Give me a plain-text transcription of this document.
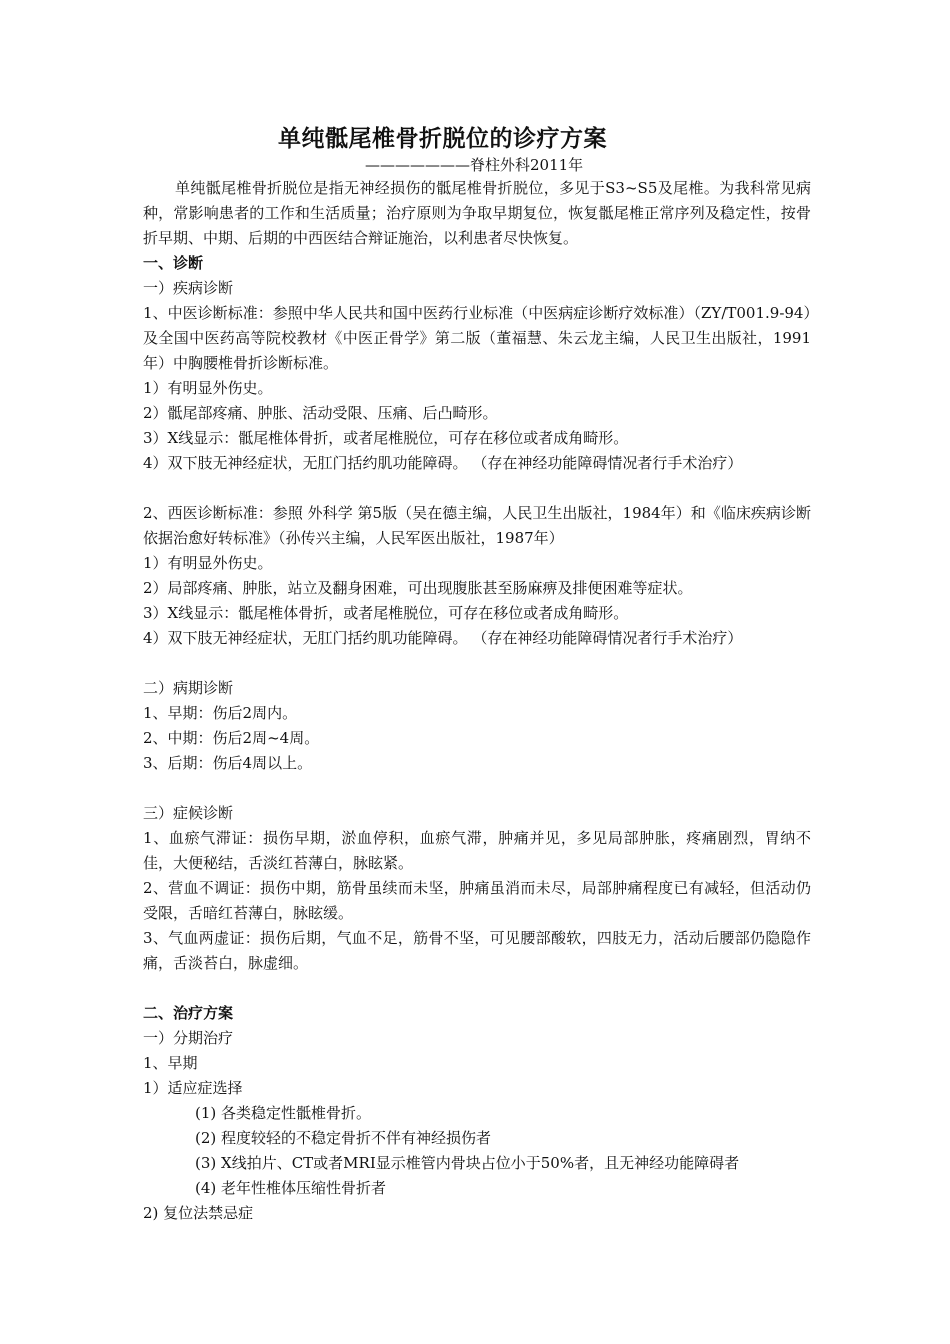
单纯骶尾椎骨折脱位的诊疗方案
———————脊柱外科2011年

单纯骶尾椎骨折脱位是指无神经损伤的骶尾椎骨折脱位，多见于S3~S5及尾椎。为我科常见病种，常影响患者的工作和生活质量；治疗原则为争取早期复位，恢复骶尾椎正常序列及稳定性，按骨折早期、中期、后期的中西医结合辩证施治，以利患者尽快恢复。

一、诊断

一）疾病诊断

1、中医诊断标准：参照中华人民共和国中医药行业标准（中医病症诊断疗效标准）（ZY/T001.9-94）及全国中医药高等院校教材《中医正骨学》第二版（董福慧、朱云龙主编，人民卫生出版社，1991年）中胸腰椎骨折诊断标准。

1）有明显外伤史。

2）骶尾部疼痛、肿胀、活动受限、压痛、后凸畸形。

3）X线显示：骶尾椎体骨折，或者尾椎脱位，可存在移位或者成角畸形。

4）双下肢无神经症状，无肛门括约肌功能障碍。 （存在神经功能障碍情况者行手术治疗）

2、西医诊断标准：参照 外科学 第5版（吴在德主编，人民卫生出版社，1984年）和《临床疾病诊断依据治愈好转标准》（孙传兴主编，人民军医出版社，1987年）

1）有明显外伤史。

2）局部疼痛、肿胀，站立及翻身困难，可出现腹胀甚至肠麻痹及排便困难等症状。

3）X线显示：骶尾椎体骨折，或者尾椎脱位，可存在移位或者成角畸形。

4）双下肢无神经症状，无肛门括约肌功能障碍。 （存在神经功能障碍情况者行手术治疗）

二）病期诊断

1、早期：伤后2周内。

2、中期：伤后2周~4周。

3、后期：伤后4周以上。

三）症候诊断

1、血瘀气滞证：损伤早期，淤血停积，血瘀气滞，肿痛并见，多见局部肿胀，疼痛剧烈，胃纳不佳，大便秘结，舌淡红苔薄白，脉眩紧。

2、营血不调证：损伤中期，筋骨虽续而未坚，肿痛虽消而未尽，局部肿痛程度已有减轻，但活动仍受限，舌暗红苔薄白，脉眩缓。

3、气血两虚证：损伤后期，气血不足，筋骨不坚，可见腰部酸软，四肢无力，活动后腰部仍隐隐作痛，舌淡苔白，脉虚细。

二、治疗方案

一）分期治疗

1、早期

1）适应症选择

(1) 各类稳定性骶椎骨折。

(2) 程度较轻的不稳定骨折不伴有神经损伤者

(3) X线拍片、CT或者MRI显示椎管内骨块占位小于50%者，且无神经功能障碍者

(4) 老年性椎体压缩性骨折者

2) 复位法禁忌症
